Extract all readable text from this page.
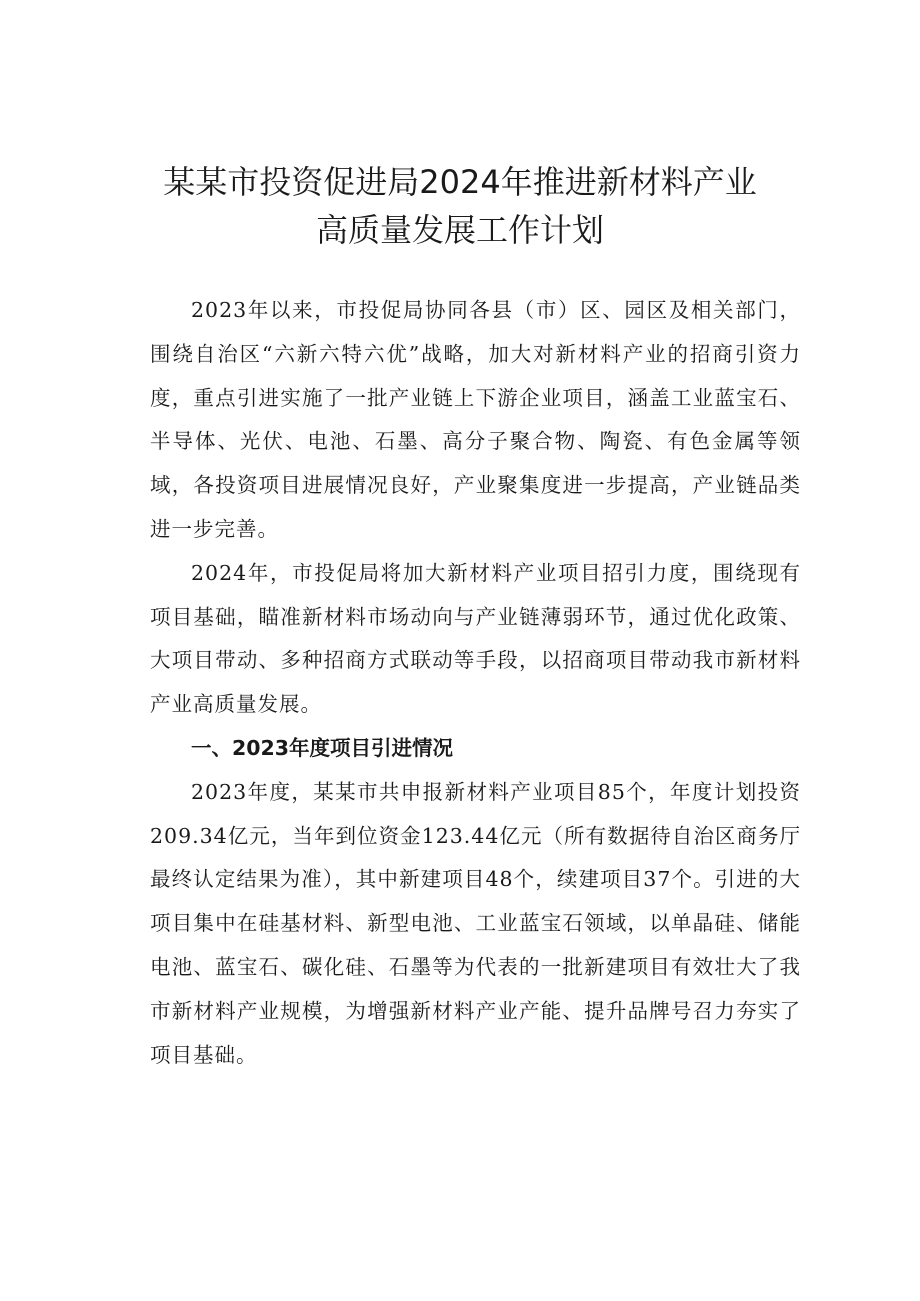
某某市投资促进局2024年推进新材料产业
高质量发展工作计划

2023年以来，市投促局协同各县（市）区、园区及相关部门，围绕自治区“六新六特六优”战略，加大对新材料产业的招商引资力度，重点引进实施了一批产业链上下游企业项目，涵盖工业蓝宝石、半导体、光伏、电池、石墨、高分子聚合物、陶瓷、有色金属等领域，各投资项目进展情况良好，产业聚集度进一步提高，产业链品类进一步完善。

2024年，市投促局将加大新材料产业项目招引力度，围绕现有项目基础，瞄准新材料市场动向与产业链薄弱环节，通过优化政策、大项目带动、多种招商方式联动等手段，以招商项目带动我市新材料产业高质量发展。

一、2023年度项目引进情况

2023年度，某某市共申报新材料产业项目85个，年度计划投资209.34亿元，当年到位资金123.44亿元（所有数据待自治区商务厅最终认定结果为准），其中新建项目48个，续建项目37个。引进的大项目集中在硅基材料、新型电池、工业蓝宝石领域，以单晶硅、储能电池、蓝宝石、碳化硅、石墨等为代表的一批新建项目有效壮大了我市新材料产业规模，为增强新材料产业产能、提升品牌号召力夯实了项目基础。
